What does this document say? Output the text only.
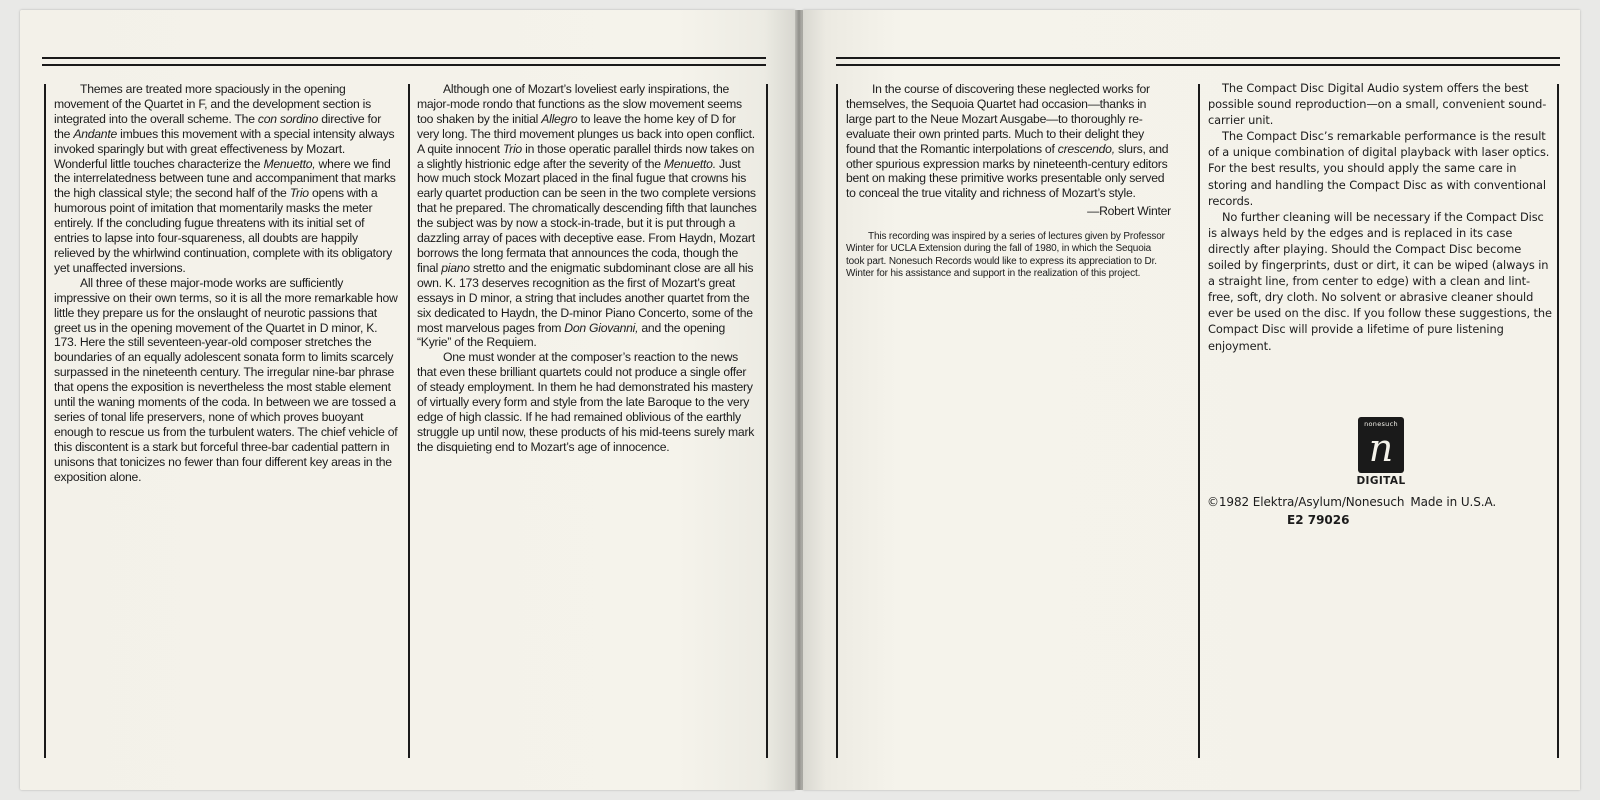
Themes are treated more spaciously in the opening movement of the Quartet in F, and the development section is integrated into the overall scheme. The con sordino directive for the Andante imbues this movement with a special intensity always invoked sparingly but with great effectiveness by Mozart. Wonderful little touches characterize the Menuetto, where we find the interrelatedness between tune and accompaniment that marks the high classical style; the second half of the Trio opens with a humorous point of imitation that momentarily masks the meter entirely. If the concluding fugue threatens with its initial set of entries to lapse into four-squareness, all doubts are happily relieved by the whirlwind continuation, complete with its obligatory yet unaffected inversions.

All three of these major-mode works are sufficiently impressive on their own terms, so it is all the more remarkable how little they prepare us for the onslaught of neurotic passions that greet us in the opening movement of the Quartet in D minor, K. 173. Here the still seventeen-year-old composer stretches the boundaries of an equally adolescent sonata form to limits scarcely surpassed in the nineteenth century. The irregular nine-bar phrase that opens the exposition is nevertheless the most stable element until the waning moments of the coda. In between we are tossed a series of tonal life preservers, none of which proves buoyant enough to rescue us from the turbulent waters. The chief vehicle of this discontent is a stark but forceful three-bar cadential pattern in unisons that tonicizes no fewer than four different key areas in the exposition alone.

Although one of Mozart’s loveliest early inspirations, the major-mode rondo that functions as the slow movement seems too shaken by the initial Allegro to leave the home key of D for very long. The third movement plunges us back into open conflict. A quite innocent Trio in those operatic parallel thirds now takes on a slightly histrionic edge after the severity of the Menuetto. Just how much stock Mozart placed in the final fugue that crowns his early quartet production can be seen in the two complete versions that he prepared. The chromatically descending fifth that launches the subject was by now a stock-in-trade, but it is put through a dazzling array of paces with deceptive ease. From Haydn, Mozart borrows the long fermata that announces the coda, though the final piano stretto and the enigmatic subdominant close are all his own. K. 173 deserves recognition as the first of Mozart’s great essays in D minor, a string that includes another quartet from the six dedicated to Haydn, the D-minor Piano Concerto, some of the most marvelous pages from Don Giovanni, and the opening “Kyrie” of the Requiem.

One must wonder at the composer’s reaction to the news that even these brilliant quartets could not produce a single offer of steady employment. In them he had demonstrated his mastery of virtually every form and style from the late Baroque to the very edge of high classic. If he had remained oblivious of the earthly struggle up until now, these products of his mid-teens surely mark the disquieting end to Mozart’s age of innocence.

In the course of discovering these neglected works for themselves, the Sequoia Quartet had occasion—thanks in large part to the Neue Mozart Ausgabe—to thoroughly re-evaluate their own printed parts. Much to their delight they found that the Romantic interpolations of crescendo, slurs, and other spurious expression marks by nineteenth-century editors bent on making these primitive works presentable only served to conceal the true vitality and richness of Mozart’s style.

—Robert Winter

This recording was inspired by a series of lectures given by Professor Winter for UCLA Extension during the fall of 1980, in which the Sequoia took part. Nonesuch Records would like to express its appreciation to Dr. Winter for his assistance and support in the realization of this project.

The Compact Disc Digital Audio system offers the best possible sound reproduction—on a small, convenient sound-carrier unit.

The Compact Disc’s remarkable performance is the result of a unique combination of digital playback with laser optics. For the best results, you should apply the same care in storing and handling the Compact Disc as with conventional records.

No further cleaning will be necessary if the Compact Disc is always held by the edges and is replaced in its case directly after playing. Should the Compact Disc become soiled by fingerprints, dust or dirt, it can be wiped (always in a straight line, from center to edge) with a clean and lint-free, soft, dry cloth. No solvent or abrasive cleaner should ever be used on the disc. If you follow these suggestions, the Compact Disc will provide a lifetime of pure listening enjoyment.

nonesuch
n
DIGITAL
©1982 Elektra/Asylum/Nonesuch Made in U.S.A.
E2 79026
